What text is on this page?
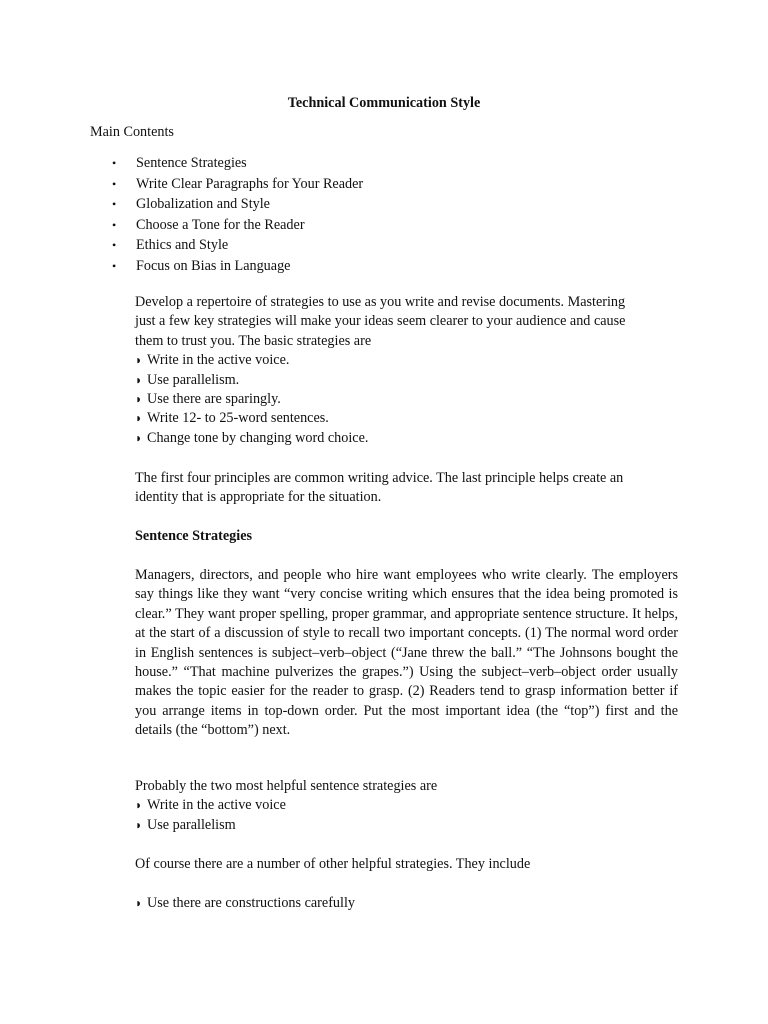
Technical Communication Style
Main Contents
•	Sentence Strategies
•	Write Clear Paragraphs for Your Reader
•	Globalization and Style
•	Choose a Tone for the Reader
•	Ethics and Style
•	Focus on Bias in Language
Develop a repertoire of strategies to use as you write and revise documents. Mastering
just a few key strategies will make your ideas seem clearer to your audience and cause
them to trust you. The basic strategies are
◗ Write in the active voice.
◗ Use parallelism.
◗ Use there are sparingly.
◗ Write 12- to 25-word sentences.
◗ Change tone by changing word choice.
The first four principles are common writing advice. The last principle helps create an
identity that is appropriate for the situation.
Sentence Strategies

Managers, directors, and people who hire want employees who write clearly. The employers say things like they want “very concise writing which ensures that the idea being promoted is clear.” They want proper spelling, proper grammar, and appropriate sentence structure. It helps, at the start of a discussion of style to recall two important concepts. (1) The normal word order in English sentences is subject–verb–object (“Jane threw the ball.” “The Johnsons bought the house.” “That machine pulverizes the grapes.”) Using the subject–verb–object order usually makes the topic easier for the reader to grasp. (2) Readers tend to grasp information better if you arrange items in top-down order. Put the most important idea (the “top”) first and the details (the “bottom”) next.

Probably the two most helpful sentence strategies are
◗ Write in the active voice
◗ Use parallelism
Of course there are a number of other helpful strategies. They include
◗ Use there are constructions carefully
